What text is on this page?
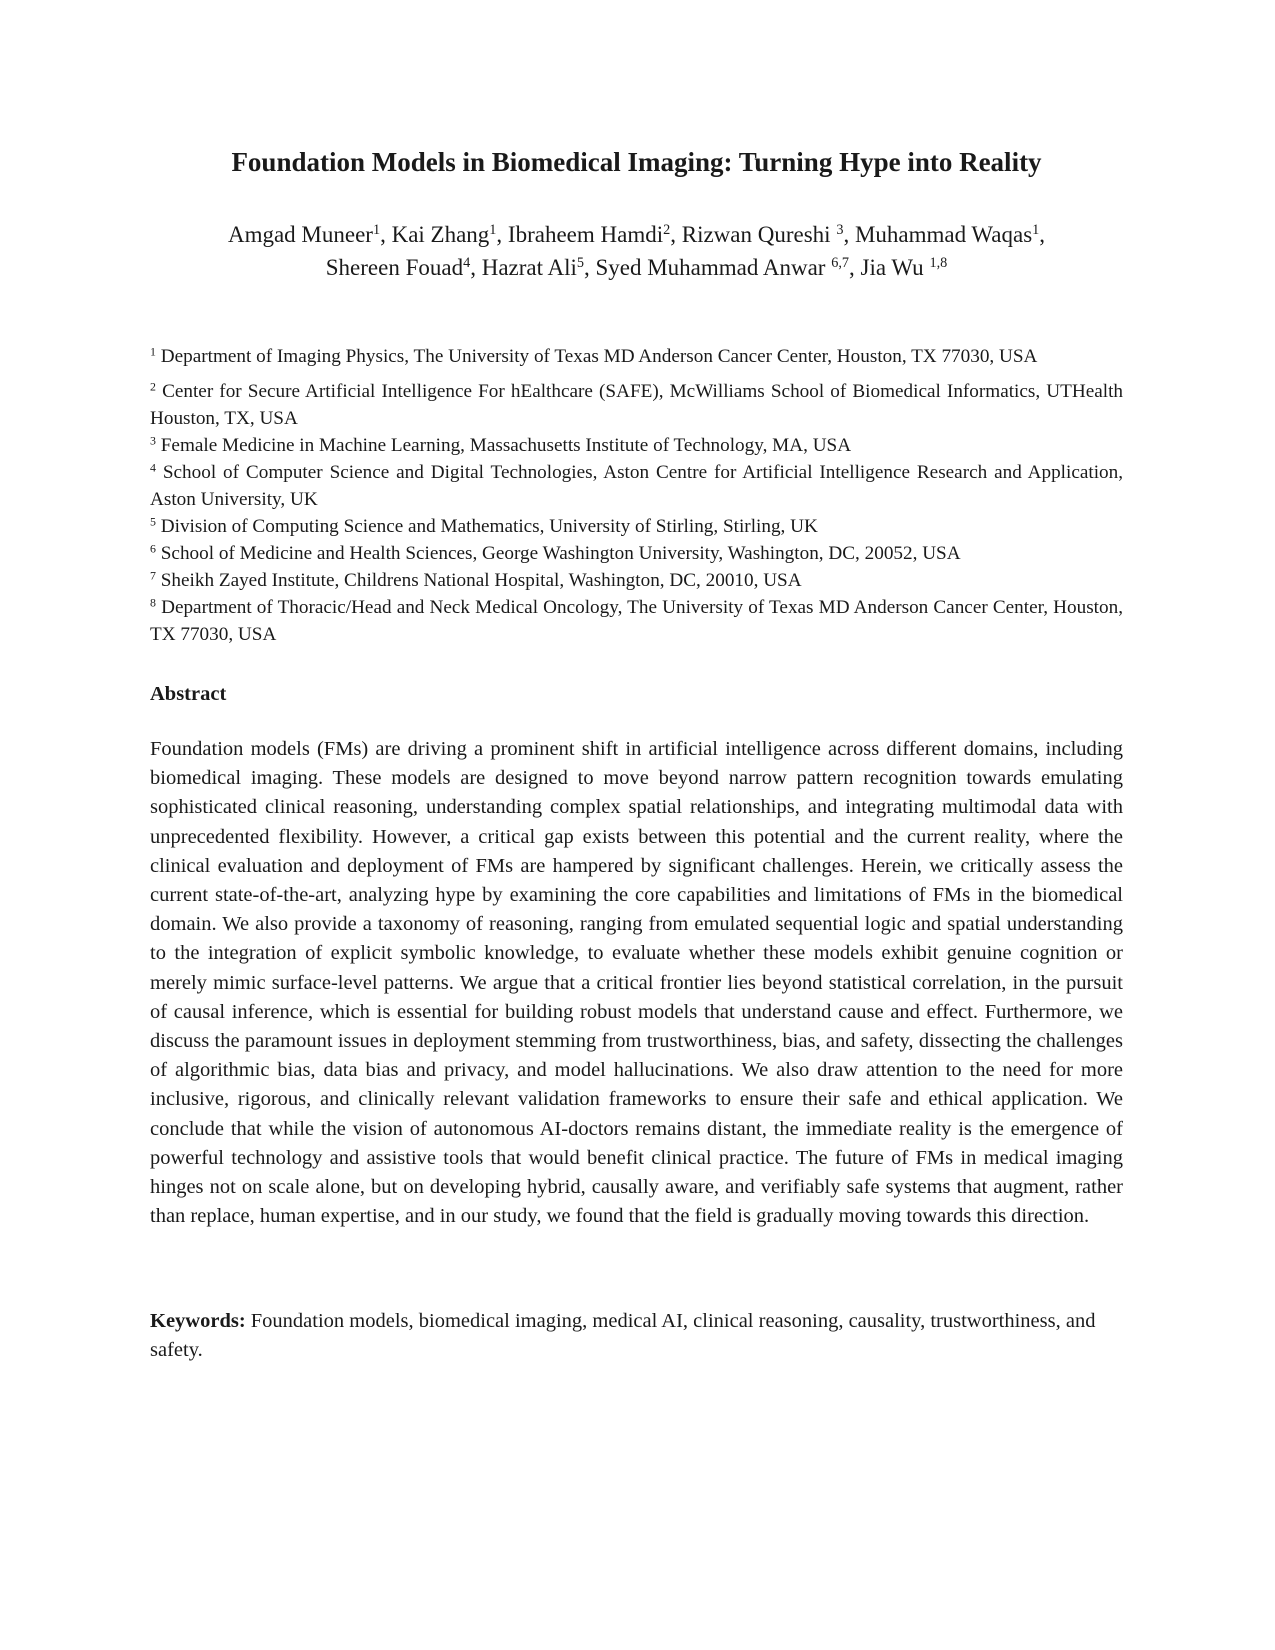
Foundation Models in Biomedical Imaging: Turning Hype into Reality
Amgad Muneer$^1$, Kai Zhang$^1$, Ibraheem Hamdi$^2$, Rizwan Qureshi $^3$, Muhammad Waqas$^1$,
Shereen Fouad$^4$, Hazrat Ali$^5$, Syed Muhammad Anwar $^{6,7}$, Jia Wu $^{1,8}$

$^1$ Department of Imaging Physics, The University of Texas MD Anderson Cancer Center, Houston, TX 77030, USA

$^2$ Center for Secure Artificial Intelligence For hEalthcare (SAFE), McWilliams School of Biomedical Informatics, UTHealth Houston, TX, USA

$^3$ Female Medicine in Machine Learning, Massachusetts Institute of Technology, MA, USA

$^4$ School of Computer Science and Digital Technologies, Aston Centre for Artificial Intelligence Research and Application, Aston University, UK

$^5$ Division of Computing Science and Mathematics, University of Stirling, Stirling, UK

$^6$ School of Medicine and Health Sciences, George Washington University, Washington, DC, 20052, USA

$^7$ Sheikh Zayed Institute, Childrens National Hospital, Washington, DC, 20010, USA

$^8$ Department of Thoracic/Head and Neck Medical Oncology, The University of Texas MD Anderson Cancer Center, Houston, TX 77030, USA

Abstract

Foundation models (FMs) are driving a prominent shift in artificial intelligence across different domains, including biomedical imaging. These models are designed to move beyond narrow pattern recognition towards emulating sophisticated clinical reasoning, understanding complex spatial relationships, and integrating multimodal data with unprecedented flexibility. However, a critical gap exists between this potential and the current reality, where the clinical evaluation and deployment of FMs are hampered by significant challenges. Herein, we critically assess the current state-of-the-art, analyzing hype by examining the core capabilities and limitations of FMs in the biomedical domain. We also provide a taxonomy of reasoning, ranging from emulated sequential logic and spatial understanding to the integration of explicit symbolic knowledge, to evaluate whether these models exhibit genuine cognition or merely mimic surface-level patterns. We argue that a critical frontier lies beyond statistical correlation, in the pursuit of causal inference, which is essential for building robust models that understand cause and effect. Furthermore, we discuss the paramount issues in deployment stemming from trustworthiness, bias, and safety, dissecting the challenges of algorithmic bias, data bias and privacy, and model hallucinations. We also draw attention to the need for more inclusive, rigorous, and clinically relevant validation frameworks to ensure their safe and ethical application. We conclude that while the vision of autonomous AI-doctors remains distant, the immediate reality is the emergence of powerful technology and assistive tools that would benefit clinical practice. The future of FMs in medical imaging hinges not on scale alone, but on developing hybrid, causally aware, and verifiably safe systems that augment, rather than replace, human expertise, and in our study, we found that the field is gradually moving towards this direction.

Keywords: Foundation models, biomedical imaging, medical AI, clinical reasoning, causality, trustworthiness, and safety.
